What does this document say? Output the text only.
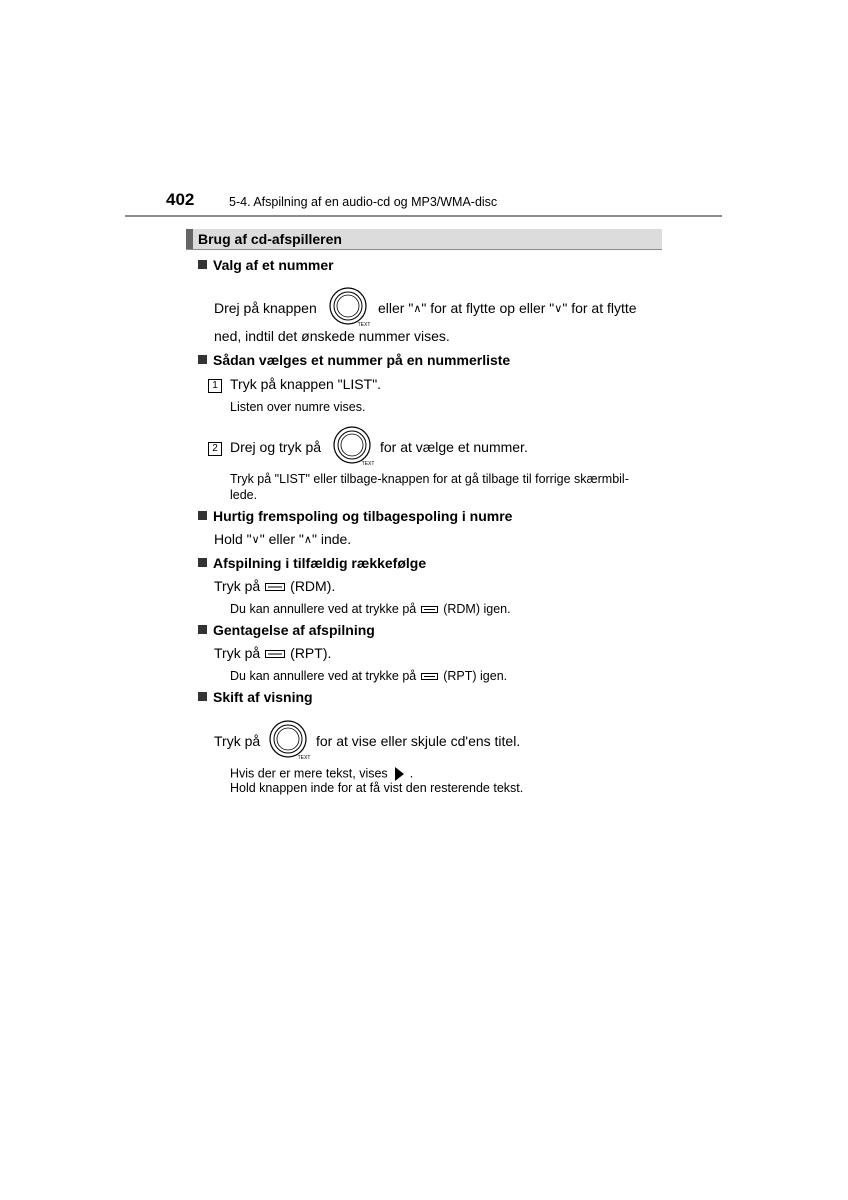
402	5-4. Afspilning af en audio-cd og MP3/WMA-disc
Brug af cd-afspilleren
Valg af et nummer
Drej på knappen
TEXT
eller "∧" for at flytte op eller "∨" for at flytte
ned, indtil det ønskede nummer vises.
Sådan vælges et nummer på en nummerliste
1 Tryk på knappen "LIST".
Listen over numre vises.
2 Drej og tryk på
TEXT
for at vælge et nummer.
Tryk på "LIST" eller tilbage-knappen for at gå tilbage til forrige skærmbil-
lede.
Hurtig fremspoling og tilbagespoling i numre
Hold "∨" eller "∧" inde.
Afspilning i tilfældig rækkefølge
Tryk på (RDM).
Du kan annullere ved at trykke på (RDM) igen.
Gentagelse af afspilning
Tryk på (RPT).
Du kan annullere ved at trykke på (RPT) igen.
Skift af visning
Tryk på
TEXT
for at vise eller skjule cd'ens titel.
Hvis der er mere tekst, vises .
Hold knappen inde for at få vist den resterende tekst.
